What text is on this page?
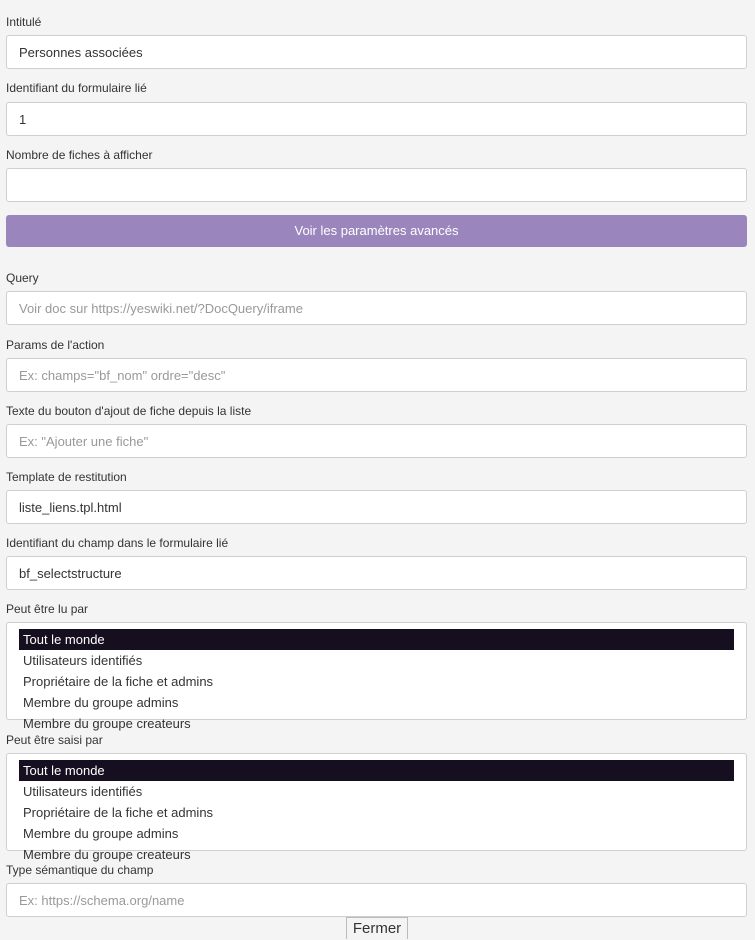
Intitulé
Personnes associées
Identifiant du formulaire lié
1
Nombre de fiches à afficher
Voir les paramètres avancés
Query
Voir doc sur https://yeswiki.net/?DocQuery/iframe
Params de l'action
Ex: champs="bf_nom" ordre="desc"
Texte du bouton d'ajout de fiche depuis la liste
Ex: "Ajouter une fiche"
Template de restitution
liste_liens.tpl.html
Identifiant du champ dans le formulaire lié
bf_selectstructure
Peut être lu par
Tout le monde
Utilisateurs identifiés
Propriétaire de la fiche et admins
Membre du groupe admins
Membre du groupe createurs
Peut être saisi par
Tout le monde
Utilisateurs identifiés
Propriétaire de la fiche et admins
Membre du groupe admins
Membre du groupe createurs
Type sémantique du champ
Ex: https://schema.org/name
Fermer
